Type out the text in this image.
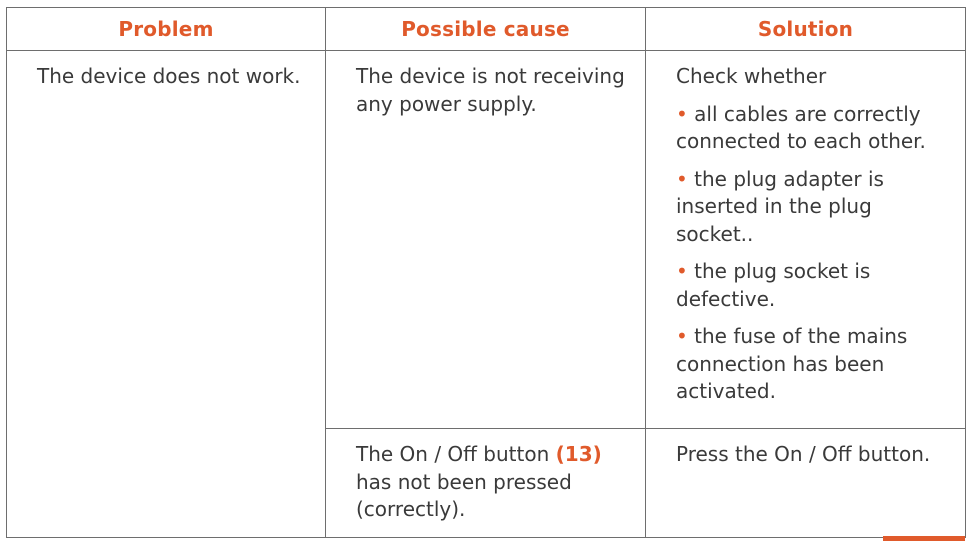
Problem	Possible cause	Solution
The device does not work.	The device is not receiving any power supply.	Check whether
• all cables are correctly connected to each other.
• the plug adapter is inserted in the plug socket..
• the plug socket is defective.
• the fuse of the mains connection has been activated.

	The On / Off button (13) has not been pressed (correctly).	Press the On / Off button.
